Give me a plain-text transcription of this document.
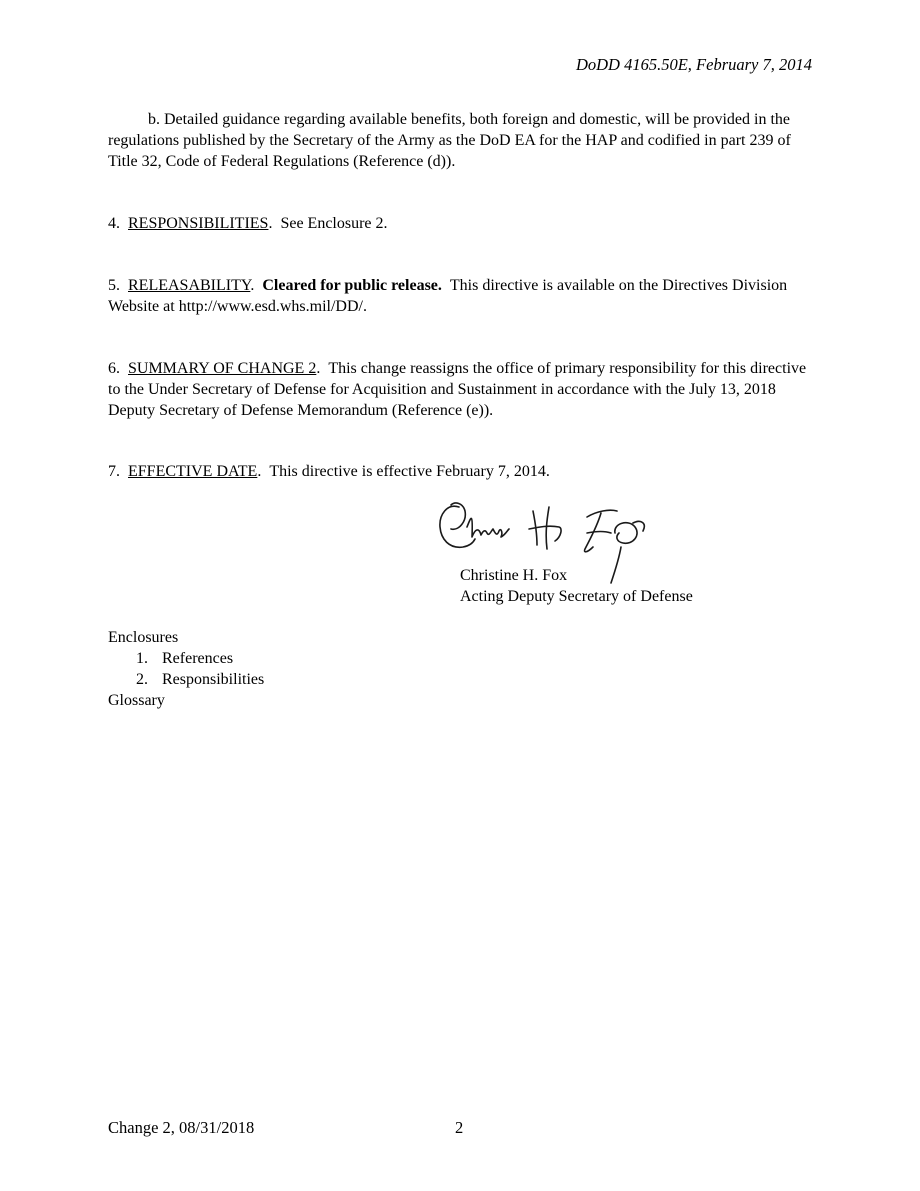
DoDD 4165.50E, February 7, 2014

b. Detailed guidance regarding available benefits, both foreign and domestic, will be provided in the regulations published by the Secretary of the Army as the DoD EA for the HAP and codified in part 239 of Title 32, Code of Federal Regulations (Reference (d)).

4. RESPONSIBILITIES.  See Enclosure 2.

5. RELEASABILITY.  Cleared for public release. This directive is available on the Directives Division Website at http://www.esd.whs.mil/DD/.

6. SUMMARY OF CHANGE 2.  This change reassigns the office of primary responsibility for this directive to the Under Secretary of Defense for Acquisition and Sustainment in accordance with the July 13, 2018 Deputy Secretary of Defense Memorandum (Reference (e)).

7. EFFECTIVE DATE.  This directive is effective February 7, 2014.

Christine H. Fox
Acting Deputy Secretary of Defense
Enclosures
1. References
2. Responsibilities
Glossary
Change 2, 08/31/2018	2
